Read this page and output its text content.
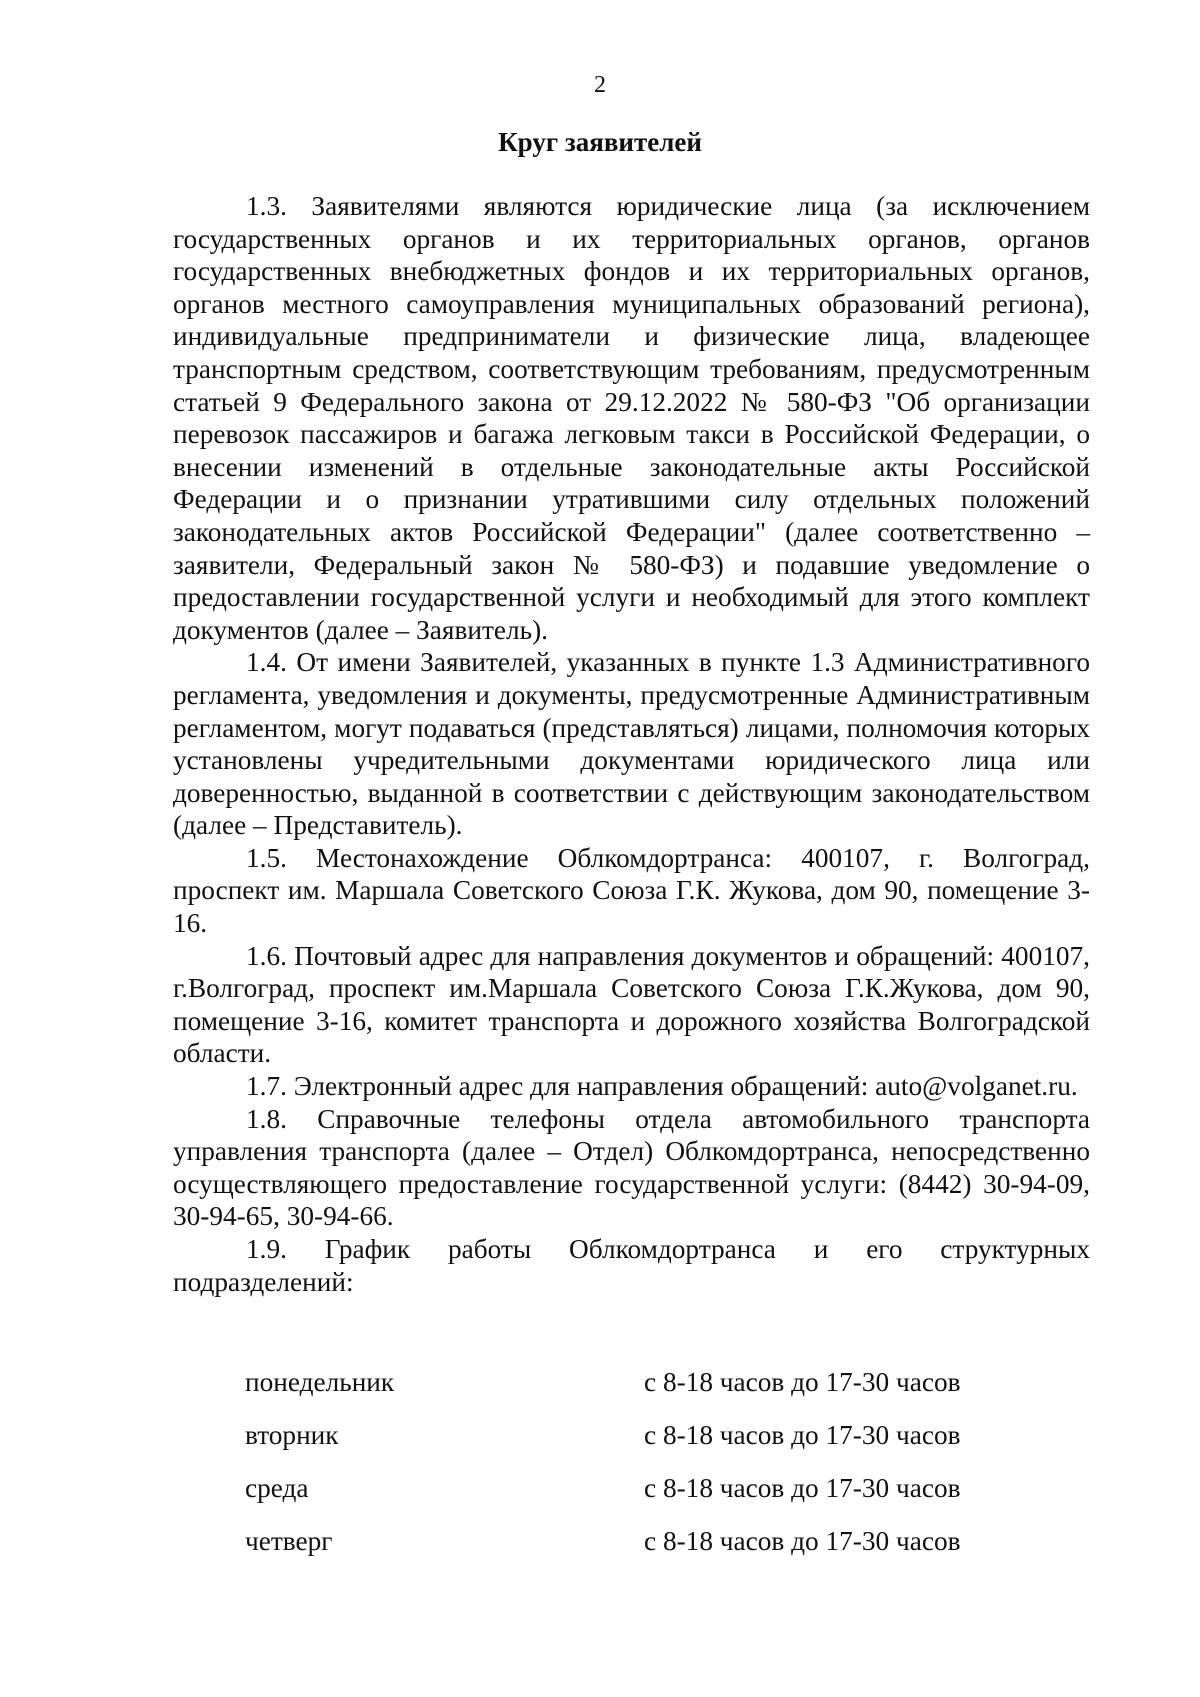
2
Круг заявителей

1.3. Заявителями являются юридические лица (за исключением государственных органов и их территориальных органов, органов государственных внебюджетных фондов и их территориальных органов, органов местного самоуправления муниципальных образований региона), индивидуальные предприниматели и физические лица, владеющее транспортным средством, соответствующим требованиям, предусмотренным статьей 9 Федерального закона от 29.12.2022 № 580-ФЗ "Об организации перевозок пассажиров и багажа легковым такси в Российской Федерации, о внесении изменений в отдельные законодательные акты Российской Федерации и о признании утратившими силу отдельных положений законодательных актов Российской Федерации" (далее соответственно – заявители, Федеральный закон № 580-ФЗ) и подавшие уведомление о предоставлении государственной услуги и необходимый для этого комплект документов (далее – Заявитель).

1.4. От имени Заявителей, указанных в пункте 1.3 Административного регламента, уведомления и документы, предусмотренные Административным регламентом, могут подаваться (представляться) лицами, полномочия которых установлены учредительными документами юридического лица или доверенностью, выданной в соответствии с действующим законодательством (далее – Представитель).

1.5. Местонахождение Облкомдортранса: 400107, г. Волгоград, проспект им. Маршала Советского Союза Г.К. Жукова, дом 90, помещение 3-16.

1.6. Почтовый адрес для направления документов и обращений: 400107, г.Волгоград, проспект им.Маршала Советского Союза Г.К.Жукова, дом 90, помещение 3-16, комитет транспорта и дорожного хозяйства Волгоградской области.

1.7. Электронный адрес для направления обращений: auto@volganet.ru.

1.8. Справочные телефоны отдела автомобильного транспорта управления транспорта (далее – Отдел) Облкомдортранса, непосредственно осуществляющего предоставление государственной услуги: (8442) 30-94-09, 30-94-65, 30-94-66.

1.9. График работы Облкомдортранса и его структурных подразделений:

понедельник	с 8-18 часов до 17-30 часов
вторник	с 8-18 часов до 17-30 часов
среда	с 8-18 часов до 17-30 часов
четверг	с 8-18 часов до 17-30 часов
